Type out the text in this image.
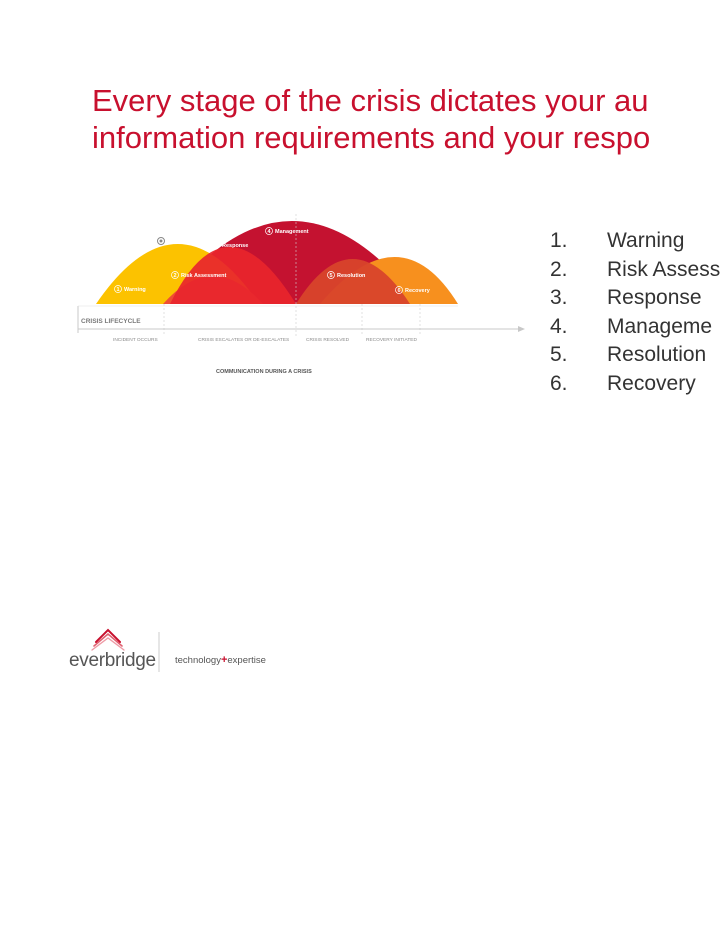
Every stage of the crisis dictates your au
information requirements and your respo
1 Warning
2 Risk Assessment
3 Response
4 Management
5 Resolution
6 Recovery
CRISIS LIFECYCLE
INCIDENT OCCURS	CRISIS ESCALATES OR DE-ESCALATES	CRISIS RESOLVED	RECOVERY INITIATED
COMMUNICATION DURING A CRISIS
1. Warning
2. Risk Assess
3. Response
4. Manageme
5. Resolution
6. Recovery
everbridge technology+expertise
